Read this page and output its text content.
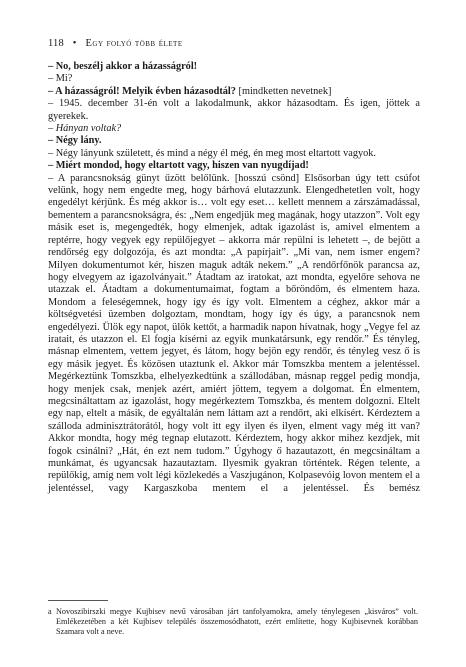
118 • Egy folyó több élete
– No, beszélj akkor a házasságról!
– Mi?
– A házasságról! Melyik évben házasodtál? [mindketten nevetnek]
– 1945. december 31-én volt a lakodalmunk, akkor házasodtam. És igen, jöttek a gyerekek.
– Hányan voltak?
– Négy lány.
– Négy lányunk született, és mind a négy él még, én meg most eltartott vagyok.
– Miért mondod, hogy eltartott vagy, hiszen van nyugdíjad!
– A parancsnokság günyt űzött belőlünk. [hosszú csönd] Elsősorban úgy tett csúfot velünk, hogy nem engedte meg, hogy bárhová elutazzunk. Elengedhetetlen volt, hogy engedélyt kérjünk. És még akkor is… volt egy eset… kellett mennem a zárszámadással, bementem a parancsnokságra, és: „Nem engedjük meg magának, hogy utazzon”. Volt egy másik eset is, megengedték, hogy elmenjek, adtak igazolást is, amivel elmentem a reptérre, hogy vegyek egy repülőjegyet – akkorra már repülni is lehetett –, de bejött a rendőrség egy dolgozója, és azt mondta: „A papírjait”. „Mi van, nem ismer engem? Milyen dokumentumot kér, hiszen maguk adták nekem.” „A rendőrfőnök parancsa az, hogy elvegyem az igazolványait.” Átadtam az iratokat, azt mondta, egyelőre sehova ne utazzak el. Átadtam a dokumentumaimat, fogtam a bőröndöm, és elmentem haza. Mondom a feleségemnek, hogy így és így volt. Elmentem a céghez, akkor már a költségvetési üzemben dolgoztam, mondtam, hogy így és úgy, a parancsnok nem engedélyezi. Ülök egy napot, ülök kettőt, a harmadik napon hívatnak, hogy „Vegye fel az iratait, és utazzon el. El fogja kísérni az egyik munkatársunk, egy rendőr.” És tényleg, másnap elmentem, vettem jegyet, és látom, hogy bejön egy rendőr, és tényleg vesz ő is egy másik jegyet. És közösen utaztunk el. Akkor már Tomszkba mentem a jelentéssel. Megérkeztünk Tomszkba, elhelyezkedtünk a szállodában, másnap reggel pedig mondja, hogy menjek csak, menjek azért, amiért jöttem, tegyem a dolgomat. Én elmentem, megcsináltattam az igazolást, hogy megérkeztem Tomszkba, és mentem dolgozni. Eltelt egy nap, eltelt a másik, de egyáltalán nem láttam azt a rendőrt, aki elkísért. Kérdeztem a szálloda adminisztrátorától, hogy volt itt egy ilyen és ilyen, elment vagy még itt van? Akkor mondta, hogy még tegnap elutazott. Kérdeztem, hogy akkor mihez kezdjek, mit fogok csinálni? „Hát, én ezt nem tudom.” Úgyhogy ő hazautazott, én megcsináltam a munkámat, és ugyancsak hazautaztam. Ilyesmik gyakran történtek. Régen telente, a repülőkig, amíg nem volt légi közlekedés a Vaszjugánon, Kolpasevóig lovon mentem el a jelentéssel, vagy Kargaszkoba mentem el a jelentéssel. És bemész
a Novoszibirszki megye Kujbisev nevű városában járt tanfolyamokra, amely ténylegesen „kisváros” volt. Emlékezetében a két Kujbisev település összemosódhatott, ezért említette, hogy Kujbisevnek korábban Szamara volt a neve.
